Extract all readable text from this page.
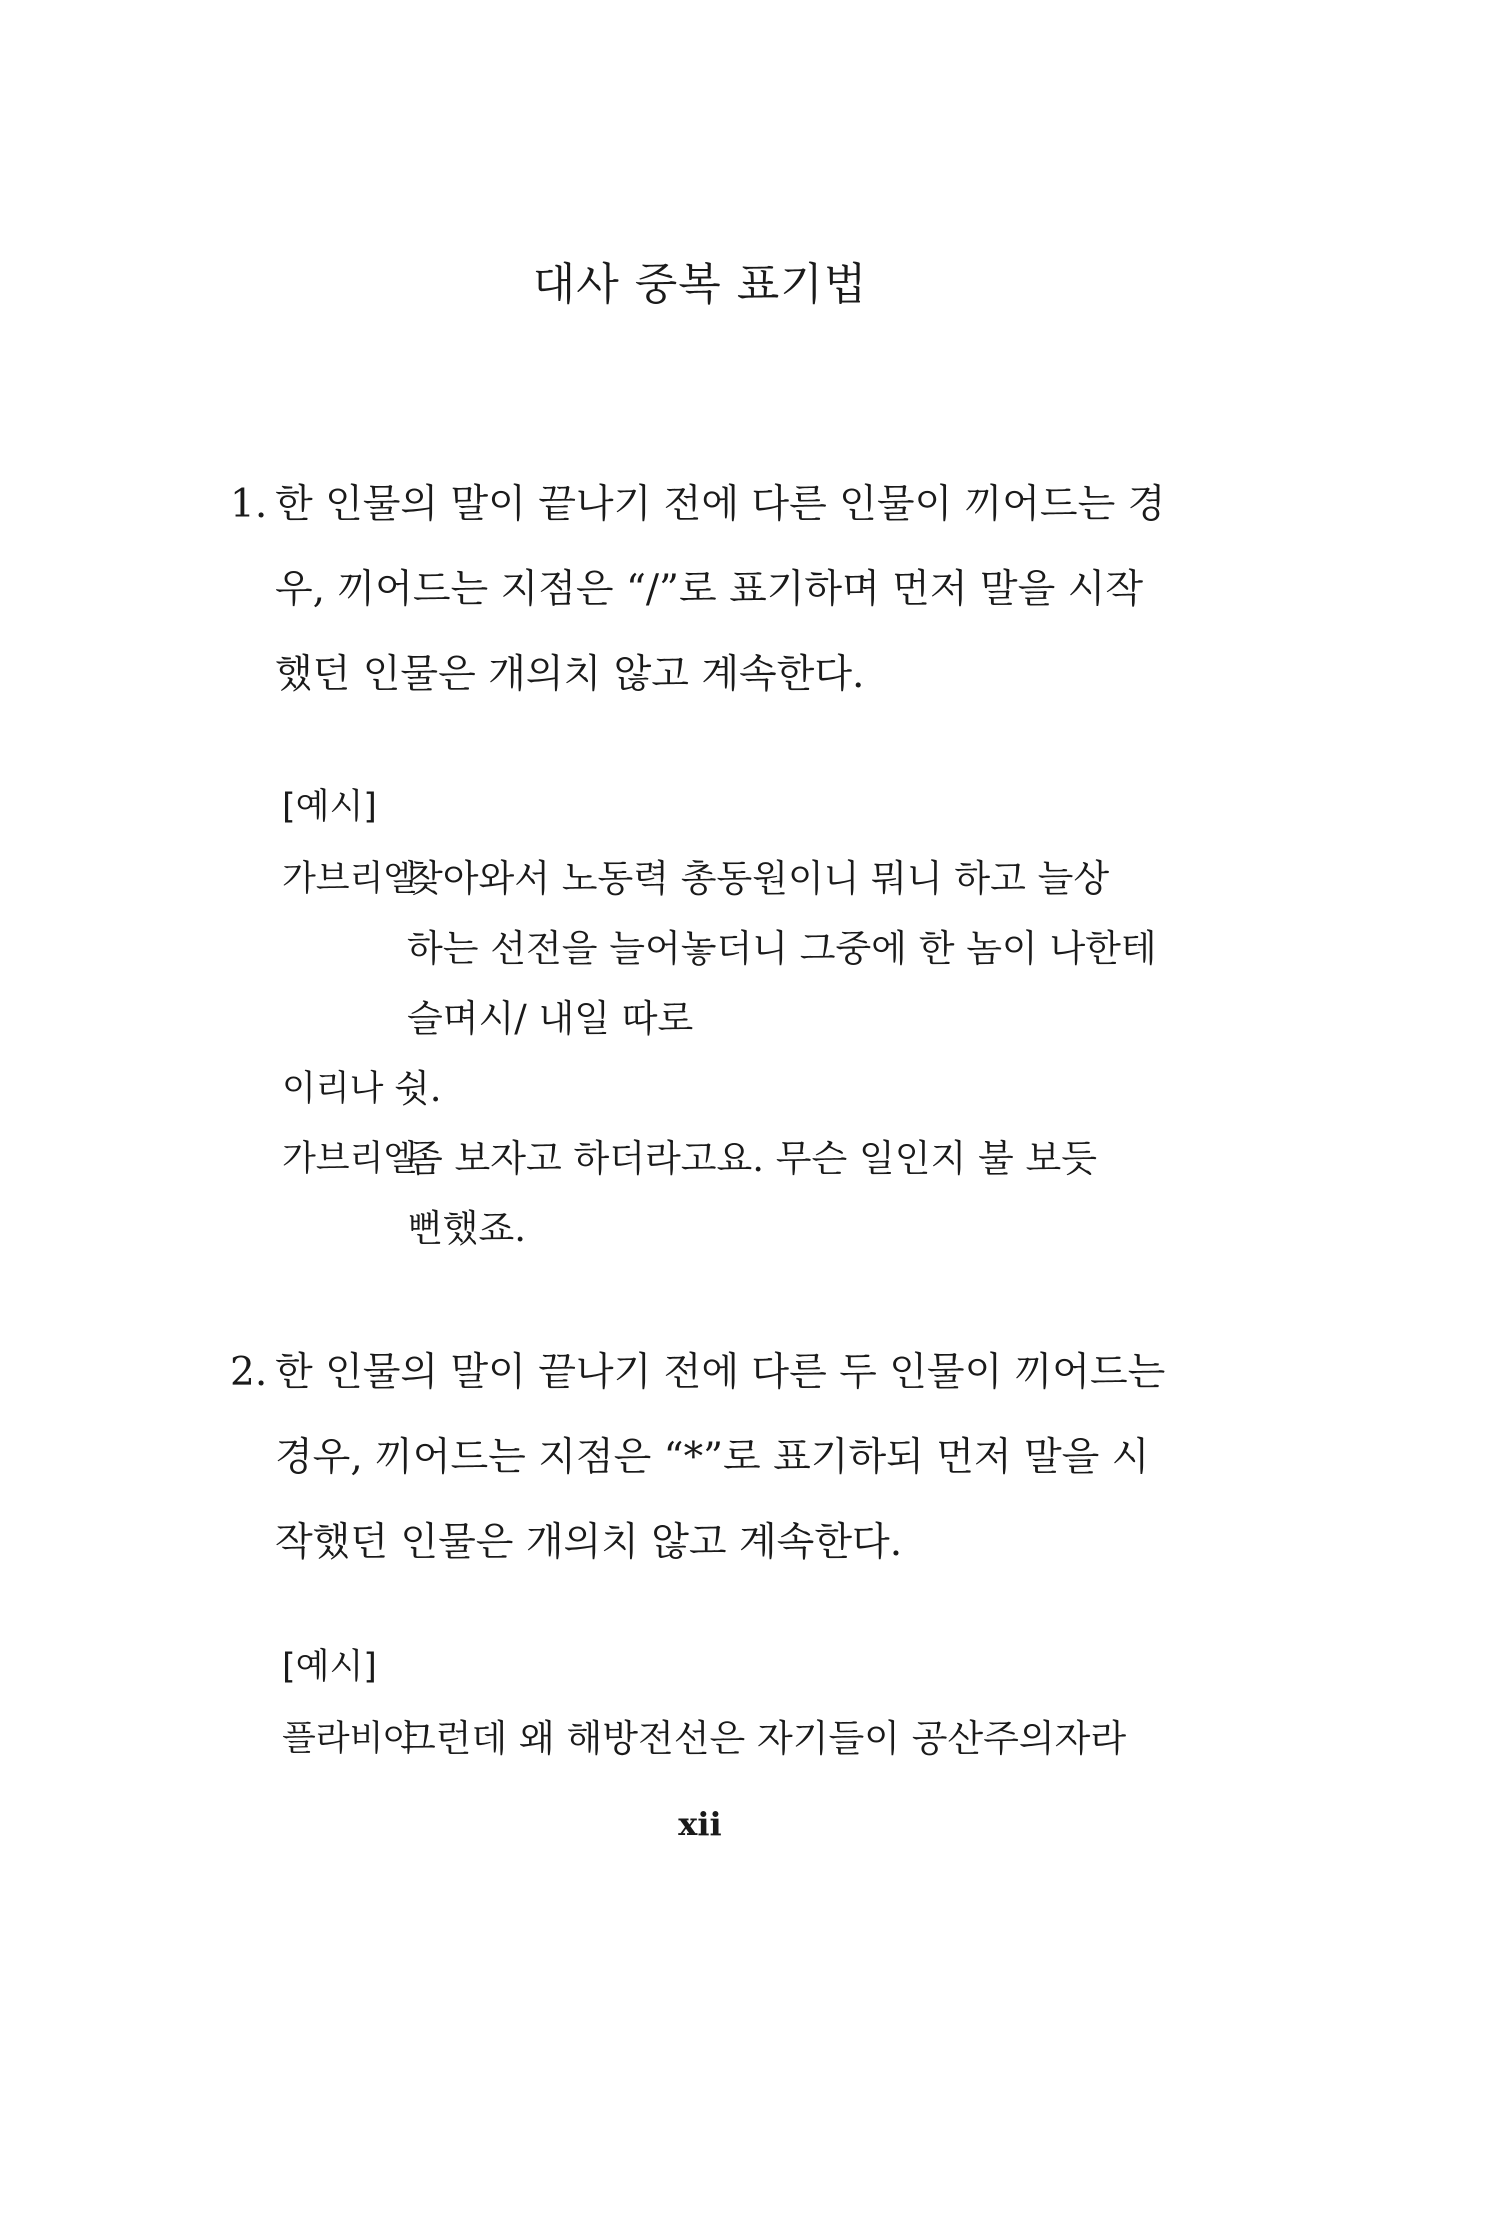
대사 중복 표기법
1. 한 인물의 말이 끝나기 전에 다른 인물이 끼어드는 경우, 끼어드는 지점은 “/”로 표기하며 먼저 말을 시작했던 인물은 개의치 않고 계속한다.
[예시]
가브리엘
찾아와서 노동력 총동원이니 뭐니 하고 늘상
하는 선전을 늘어놓더니 그중에 한 놈이 나한테
슬며시/ 내일 따로
이리나 쉿.
가브리엘
좀 보자고 하더라고요. 무슨 일인지 불 보듯
뻔했죠.
2. 한 인물의 말이 끝나기 전에 다른 두 인물이 끼어드는 경우, 끼어드는 지점은 “*”로 표기하되 먼저 말을 시작했던 인물은 개의치 않고 계속한다.
[예시]
플라비아
그런데 왜 해방전선은 자기들이 공산주의자라
xii
